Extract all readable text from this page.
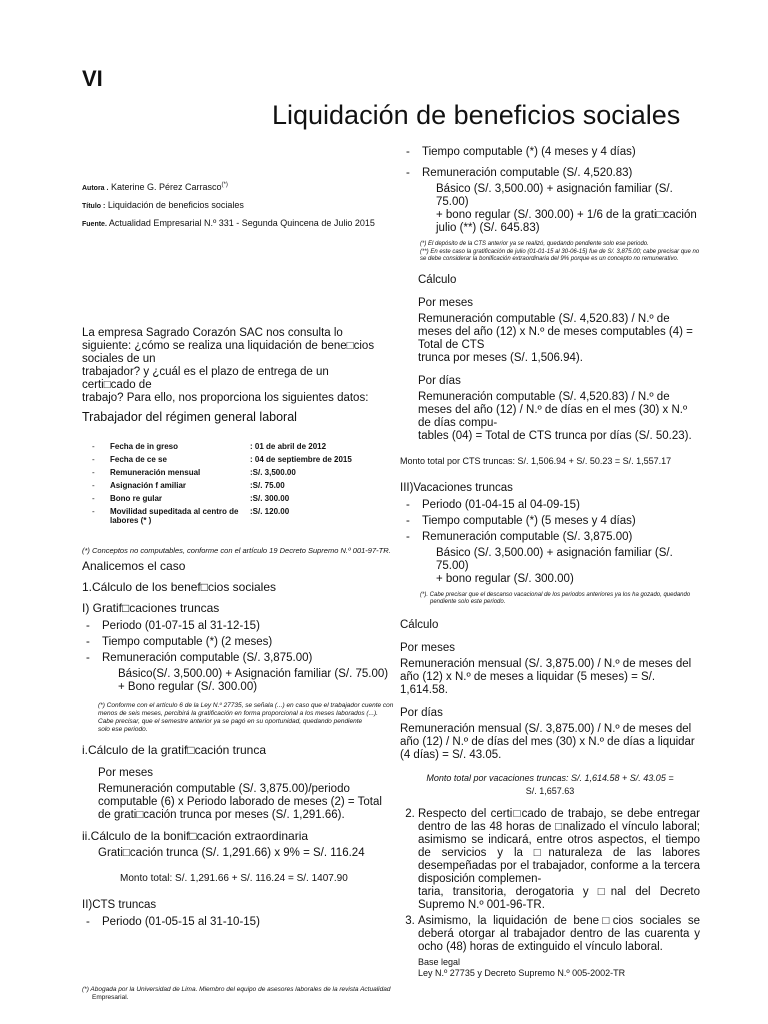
VI
Liquidación de beneficios sociales
Autora . Katerine G. Pérez Carrasco(*)
Título : Liquidación de beneficios sociales
Fuente. Actualidad Empresarial N.º 331 - Segunda Quincena de Julio 2015
La empresa Sagrado Corazón SAC nos consulta lo siguiente: ¿cómo se realiza una liquidación de bene□cios sociales de un
trabajador? y ¿cuál es el plazo de entrega de un certi□cado de
trabajo? Para ello, nos proporciona los siguientes datos:
Trabajador del régimen general laboral
-	Fecha de in greso	: 01 de abril de 2012
-	Fecha de ce se	: 04 de septiembre de 2015
-	Remuneración mensual	:S/. 3,500.00
-	Asignación f amiliar	:S/. 75.00
-	Bono re gular	:S/. 300.00
-	Movilidad supeditada al centro de labores (* )	:S/. 120.00
(*) Conceptos no computables, conforme con el artículo 19 Decreto Supremo N.º 001-97-TR.
Analicemos el caso
1.Cálculo de los benef□cios sociales
I) Gratif□caciones truncas
- Periodo (01-07-15 al 31-12-15)
- Tiempo computable (*) (2 meses)
- Remuneración computable (S/. 3,875.00)
Básico(S/. 3,500.00) + Asignación familiar (S/. 75.00)
+ Bono regular (S/. 300.00)
(*) Conforme con el artículo 6 de la Ley N.º 27735, se señala (...) en caso que el trabajador cuente con
menos de seis meses, percibirá la gratificación en forma proporcional a los meses laborados (...).
Cabe precisar, que el semestre anterior ya se pagó en su oportunidad, quedando pendiente
solo ese periodo.
i.Cálculo de la gratif□cación trunca
Por meses
Remuneración computable (S/. 3,875.00)/periodo computable (6) x Periodo laborado de meses (2) = Total de grati□cación trunca por meses (S/. 1,291.66).
ii.Cálculo de la bonif□cación extraordinaria
Grati□cación trunca (S/. 1,291.66) x 9% = S/. 116.24
Monto total: S/. 1,291.66 + S/. 116.24 = S/. 1407.90
II)CTS truncas
- Periodo (01-05-15 al 31-10-15)
(*) Abogada por la Universidad de Lima. Miembro del equipo de asesores laborales de la revista Actualidad
Empresarial.
- Tiempo computable (*) (4 meses y 4 días)
- Remuneración computable (S/. 4,520.83)
Básico (S/. 3,500.00) + asignación familiar (S/. 75.00)
+ bono regular (S/. 300.00) + 1/6 de la grati□cación
julio (**) (S/. 645.83)
(*) El depósito de la CTS anterior ya se realizó, quedando pendiente solo ese periodo.
(**) En este caso la gratificación de julio (01-01-15 al 30-06-15) fue de S/. 3,875.00; cabe precisar que no se debe considerar la bonificación extraordinaria del 9% porque es un concepto no remunerativo.
Cálculo
Por meses
Remuneración computable (S/. 4,520.83) / N.º de meses del año (12) x N.º de meses computables (4) = Total de CTS
trunca por meses (S/. 1,506.94).
Por días
Remuneración computable (S/. 4,520.83) / N.º de meses del año (12) / N.º de días en el mes (30) x N.º de días compu-
tables (04) = Total de CTS trunca por días (S/. 50.23).
Monto total por CTS truncas: S/. 1,506.94 + S/. 50.23 = S/. 1,557.17
III)Vacaciones truncas
- Periodo (01-04-15 al 04-09-15)
- Tiempo computable (*) (5 meses y 4 días)
- Remuneración computable (S/. 3,875.00)
Básico (S/. 3,500.00) + asignación familiar (S/. 75.00)
+ bono regular (S/. 300.00)
(*). Cabe precisar que el descanso vacacional de los periodos anteriores ya los ha gozado, quedando
pendiente solo este periodo.
Cálculo
Por meses
Remuneración mensual (S/. 3,875.00) / N.º de meses del año (12) x N.º de meses a liquidar (5 meses) = S/. 1,614.58.
Por días
Remuneración mensual (S/. 3,875.00) / N.º de meses del año (12) / N.º de días del mes (30) x N.º de días a liquidar (4 días) = S/. 43.05.
Monto total por vacaciones truncas: S/. 1,614.58 + S/. 43.05 =
S/. 1,657.63
2. Respecto del certi□cado de trabajo, se debe entregar dentro de las 48 horas de □nalizado el vínculo laboral; asimismo se indicará, entre otros aspectos, el tiempo de servicios y la □naturaleza de las labores desempeñadas por el trabajador, conforme a la tercera disposición complemen-
taria, transitoria, derogatoria y □nal del Decreto Supremo N.º 001-96-TR.
3. Asimismo, la liquidación de bene□cios sociales se deberá otorgar al trabajador dentro de las cuarenta y ocho (48) horas de extinguido el vínculo laboral.
Base legal
Ley N.º 27735 y Decreto Supremo N.º 005-2002-TR
